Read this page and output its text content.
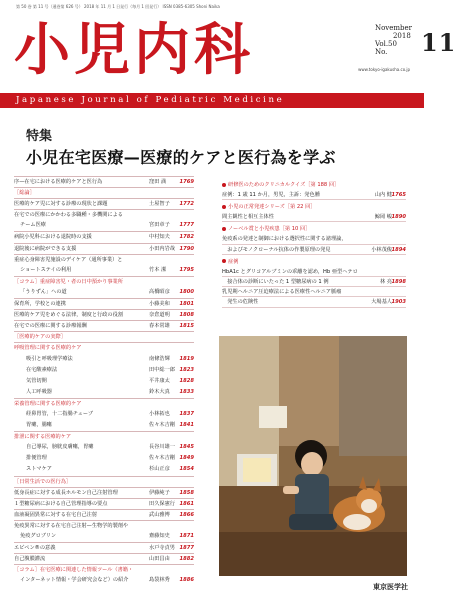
第 50 巻 第 11 号（通巻第 626 号） 2018 年 11 月 1 日発行（毎月 1 回発行） ISSN 0385-6305 Shoni Naika
小児内科	November
2018
Vol.50
No.	11
www.tokyo-igakusha.co.jp
Japanese Journal of Pediatric Medicine
特集
小児在宅医療—医療的ケアと医行為を学ぶ
序—在宅における医療的ケアと医行為	窪田 満	1769
［総論］
医療的ケア児に対する診療の現状と課題	土屋智子 1772
在宅での医療にかかわる多職種・多機関による
チーム医療	宮田章子 1777
病院小児科における退院時の支援	中村知夫 1782
退院後に病院ができる支援	小田内岩哉 1790
重症心身障害児施設のデイケア（通所事業）と
ショートステイの利用	竹本 潔	1795
［コラム］重症障害児・者の日中預かり事業所
「うりずん」への道	高橋昭彦 1800
保育所，学校との連携	小藤美和 1801
医療的ケア児をめぐる法律，制度と行政の役割	奈倉道明 1808
在宅での医療に関する診療報酬	春本常雄 1815
［医療的ケアの実際］
呼吸管理に関する医療的ケア
吸引と呼吸理学療法	南條浩輝 1819
在宅酸素療法	田中総一郎 1823
気管切開	平井康太 1828
人工呼吸器	鈴木大真 1833
栄養管理に関する医療的ケア
経鼻胃管，十二指腸チューブ	小林拓也 1837
胃瘻，腸瘻	佐々木吉剛 1841
排泄に関する医療的ケア
自己導尿，膀胱皮膚瘻，胃瘻	長谷川雄一 1845
排便管理	佐々木吉剛 1849
ストマケア	杉山正彦 1854
［日常生活での医行為］
低身長症に対する成長ホルモン自己注射管理	伊藤純子 1858
１型糖尿病における自己管理指導の要点	田久保憲行 1861
血液凝固異常に対する在宅自己注射	武山雅博 1866
免疫異常に対する在宅自己注射—生物学的製剤や
免疫グロブリン	齋藤知史 1871
エピペン®の意義	水戸寺貞男 1877
自己腹膜灌流	山田昌由 1882
［コラム］在宅医療に関連した情報ツール（書籍・
インターネット情報・学会研究会など）の紹介	島袋林秀 1886
研修医のためのクリニカルクイズ［第 188 回］
症例：1 歳 11 か月，男児，主訴：発色腫	山内 健 1765
小児の正常発達シリーズ［第 22 回］
間主観性と相互主体性	鯨岡 峻 1890
ノーベル賞と小児疾患［第 10 回］
免疫系の発達と制御における選択性に関する諸理論，
　およびモノクローナル抗体の作製原理の発見	小林茂俊 1894
症例
HbA1c とグリコアルブミンの乖離を認め，Hb 亜型ヘテロ
　接合体の診断にいたった 1 型糖尿病の 1 例	林 亮 1898
乳児期ヘルニア圧迫療法による医療性ヘルニア脈瘤
　発生の危険性	大場基人 1903
東京医学社
